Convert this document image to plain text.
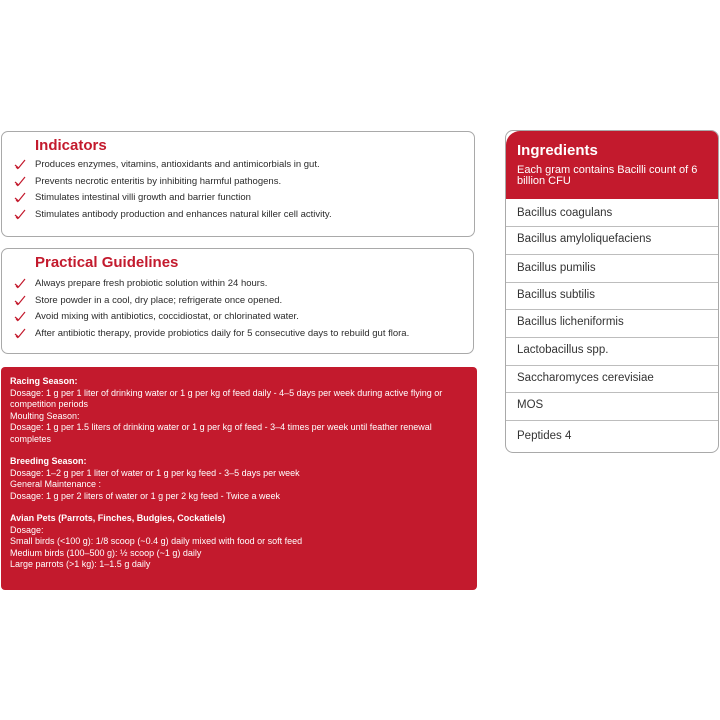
Indicators
Produces enzymes, vitamins, antioxidants and antimicorbials in gut.
Prevents necrotic enteritis by inhibiting harmful pathogens.
Stimulates intestinal villi growth and barrier function
Stimulates antibody production and enhances natural killer cell activity.
Practical Guidelines
Always prepare fresh probiotic solution within 24 hours.
Store powder in a cool, dry place; refrigerate once opened.
Avoid mixing with antibiotics, coccidiostat, or chlorinated water.
After antibiotic therapy, provide probiotics daily for 5 consecutive days to rebuild gut flora.

Racing Season:

Dosage: 1 g per 1 liter of drinking water or 1 g per kg of feed daily - 4–5 days per week during active flying or competition periods

Moulting Season:

Dosage: 1 g per 1.5 liters of drinking water or 1 g per kg of feed - 3–4 times per week until feather renewal completes

Breeding Season:

Dosage: 1–2 g per 1 liter of water or 1 g per kg feed - 3–5 days per week

General Maintenance :

Dosage: 1 g per 2 liters of water or 1 g per 2 kg feed - Twice a week

Avian Pets (Parrots, Finches, Budgies, Cockatiels)

Dosage:

Small birds (<100 g): 1/8 scoop (~0.4 g) daily mixed with food or soft feed

Medium birds (100–500 g): ½ scoop (~1 g) daily

Large parrots (>1 kg): 1–1.5 g daily

Ingredients
Each gram contains Bacilli count of 6 billion CFU
Bacillus coagulans
Bacillus amyloliquefaciens
Bacillus pumilis
Bacillus subtilis
Bacillus licheniformis
Lactobacillus spp.
Saccharomyces cerevisiae
MOS
Peptides 4
